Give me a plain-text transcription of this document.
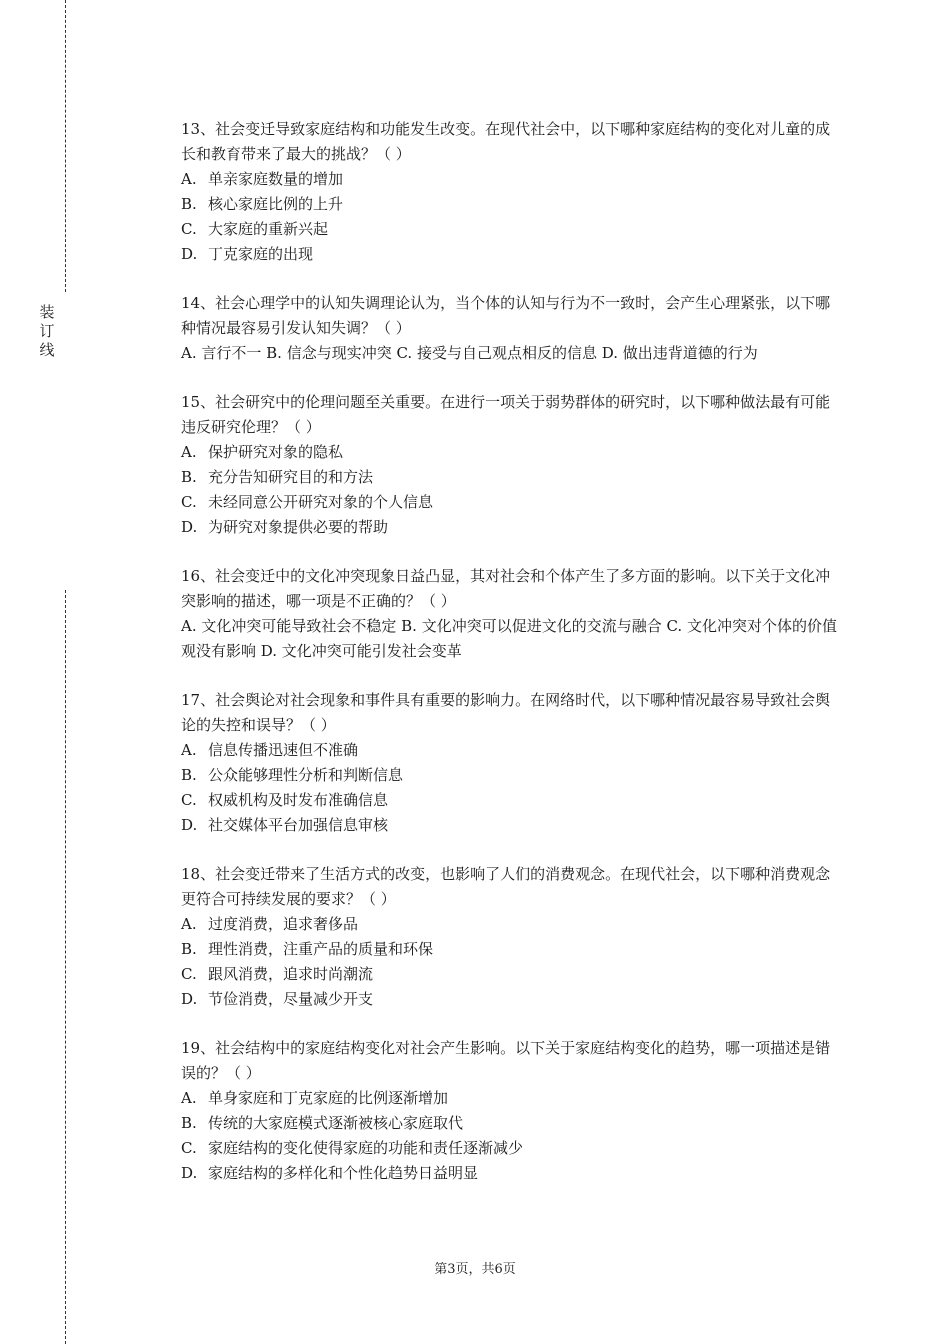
装
订
线

13、社会变迁导致家庭结构和功能发生改变。在现代社会中，以下哪种家庭结构的变化对儿童的成长和教育带来了最大的挑战？（ ）

A. 单亲家庭数量的增加

B. 核心家庭比例的上升

C. 大家庭的重新兴起

D. 丁克家庭的出现

14、社会心理学中的认知失调理论认为，当个体的认知与行为不一致时，会产生心理紧张，以下哪种情况最容易引发认知失调？（ ）

A. 言行不一 B. 信念与现实冲突 C. 接受与自己观点相反的信息 D. 做出违背道德的行为

15、社会研究中的伦理问题至关重要。在进行一项关于弱势群体的研究时，以下哪种做法最有可能违反研究伦理？（ ）

A. 保护研究对象的隐私

B. 充分告知研究目的和方法

C. 未经同意公开研究对象的个人信息

D. 为研究对象提供必要的帮助

16、社会变迁中的文化冲突现象日益凸显，其对社会和个体产生了多方面的影响。以下关于文化冲突影响的描述，哪一项是不正确的？（ ）

A. 文化冲突可能导致社会不稳定 B. 文化冲突可以促进文化的交流与融合 C. 文化冲突对个体的价值观没有影响 D. 文化冲突可能引发社会变革

17、社会舆论对社会现象和事件具有重要的影响力。在网络时代，以下哪种情况最容易导致社会舆论的失控和误导？（ ）

A. 信息传播迅速但不准确

B. 公众能够理性分析和判断信息

C. 权威机构及时发布准确信息

D. 社交媒体平台加强信息审核

18、社会变迁带来了生活方式的改变，也影响了人们的消费观念。在现代社会，以下哪种消费观念更符合可持续发展的要求？（ ）

A. 过度消费，追求奢侈品

B. 理性消费，注重产品的质量和环保

C. 跟风消费，追求时尚潮流

D. 节俭消费，尽量减少开支

19、社会结构中的家庭结构变化对社会产生影响。以下关于家庭结构变化的趋势，哪一项描述是错误的？（ ）

A. 单身家庭和丁克家庭的比例逐渐增加

B. 传统的大家庭模式逐渐被核心家庭取代

C. 家庭结构的变化使得家庭的功能和责任逐渐减少

D. 家庭结构的多样化和个性化趋势日益明显

第3页，共6页
